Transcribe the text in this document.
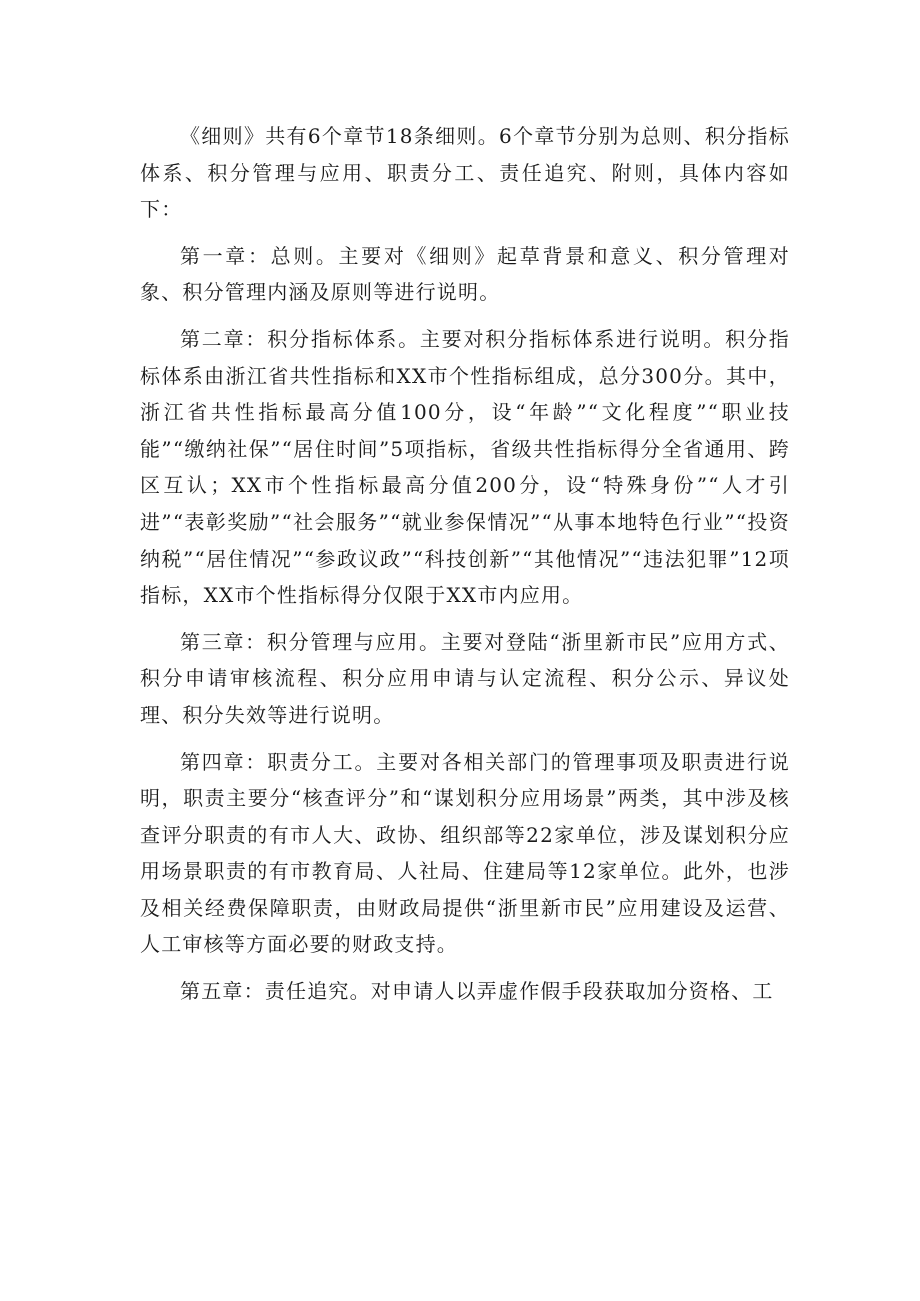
《细则》共有6个章节18条细则。6个章节分别为总则、积分指标体系、积分管理与应用、职责分工、责任追究、附则，具体内容如下：

第一章：总则。主要对《细则》起草背景和意义、积分管理对象、积分管理内涵及原则等进行说明。

第二章：积分指标体系。主要对积分指标体系进行说明。积分指标体系由浙江省共性指标和XX市个性指标组成，总分300分。其中，浙江省共性指标最高分值100分，设“年龄”“文化程度”“职业技能”“缴纳社保”“居住时间”5项指标，省级共性指标得分全省通用、跨区互认；XX市个性指标最高分值200分，设“特殊身份”“人才引进”“表彰奖励”“社会服务”“就业参保情况”“从事本地特色行业”“投资纳税”“居住情况”“参政议政”“科技创新”“其他情况”“违法犯罪”12项指标，XX市个性指标得分仅限于XX市内应用。

第三章：积分管理与应用。主要对登陆“浙里新市民”应用方式、积分申请审核流程、积分应用申请与认定流程、积分公示、异议处理、积分失效等进行说明。

第四章：职责分工。主要对各相关部门的管理事项及职责进行说明，职责主要分“核查评分”和“谋划积分应用场景”两类，其中涉及核查评分职责的有市人大、政协、组织部等22家单位，涉及谋划积分应用场景职责的有市教育局、人社局、住建局等12家单位。此外，也涉及相关经费保障职责，由财政局提供“浙里新市民”应用建设及运营、人工审核等方面必要的财政支持。

第五章：责任追究。对申请人以弄虚作假手段获取加分资格、工
